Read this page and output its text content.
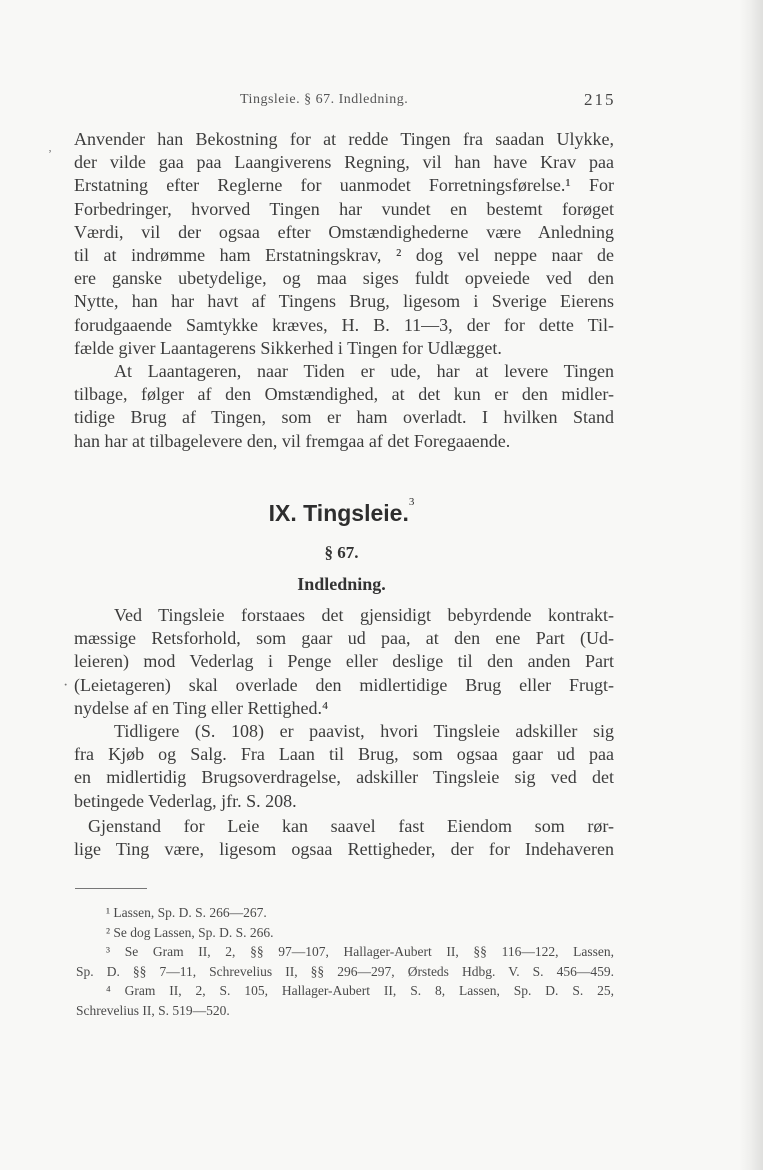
Tingsleie. § 67. Indledning.	215
‚
·
Anvender han Bekostning for at redde Tingen fra saadan Ulykke,
der vilde gaa paa Laangiverens Regning, vil han have Krav paa
Erstatning efter Reglerne for uanmodet Forretningsførelse.¹ For
Forbedringer, hvorved Tingen har vundet en bestemt forøget
Værdi, vil der ogsaa efter Omstændighederne være Anledning
til at indrømme ham Erstatningskrav, ² dog vel neppe naar de
ere ganske ubetydelige, og maa siges fuldt opveiede ved den
Nytte, han har havt af Tingens Brug, ligesom i Sverige Eierens
forudgaaende Samtykke kræves, H. B. 11—3, der for dette Til-
fælde giver Laantagerens Sikkerhed i Tingen for Udlægget.
At Laantageren, naar Tiden er ude, har at levere Tingen
tilbage, følger af den Omstændighed, at det kun er den midler-
tidige Brug af Tingen, som er ham overladt. I hvilken Stand
han har at tilbagelevere den, vil fremgaa af det Foregaaende.
IX. Tingsleie.$^3$
§ 67.
Indledning.
Ved Tingsleie forstaaes det gjensidigt bebyrdende kontrakt-
mæssige Retsforhold, som gaar ud paa, at den ene Part (Ud-
leieren) mod Vederlag i Penge eller deslige til den anden Part
(Leietageren) skal overlade den midlertidige Brug eller Frugt-
nydelse af en Ting eller Rettighed.⁴
Tidligere (S. 108) er paavist, hvori Tingsleie adskiller sig
fra Kjøb og Salg. Fra Laan til Brug, som ogsaa gaar ud paa
en midlertidig Brugsoverdragelse, adskiller Tingsleie sig ved det
betingede Vederlag, jfr. S. 208.
Gjenstand for Leie kan saavel fast Eiendom som rør-
lige Ting være, ligesom ogsaa Rettigheder, der for Indehaveren
¹ Lassen, Sp. D. S. 266—267.
² Se dog Lassen, Sp. D. S. 266.
³ Se Gram II, 2, §§ 97—107, Hallager-Aubert II, §§ 116—122, Lassen,
Sp. D. §§ 7—11, Schrevelius II, §§ 296—297, Ørsteds Hdbg. V. S. 456—459.
⁴ Gram II, 2, S. 105, Hallager-Aubert II, S. 8, Lassen, Sp. D. S. 25,
Schrevelius II, S. 519—520.
